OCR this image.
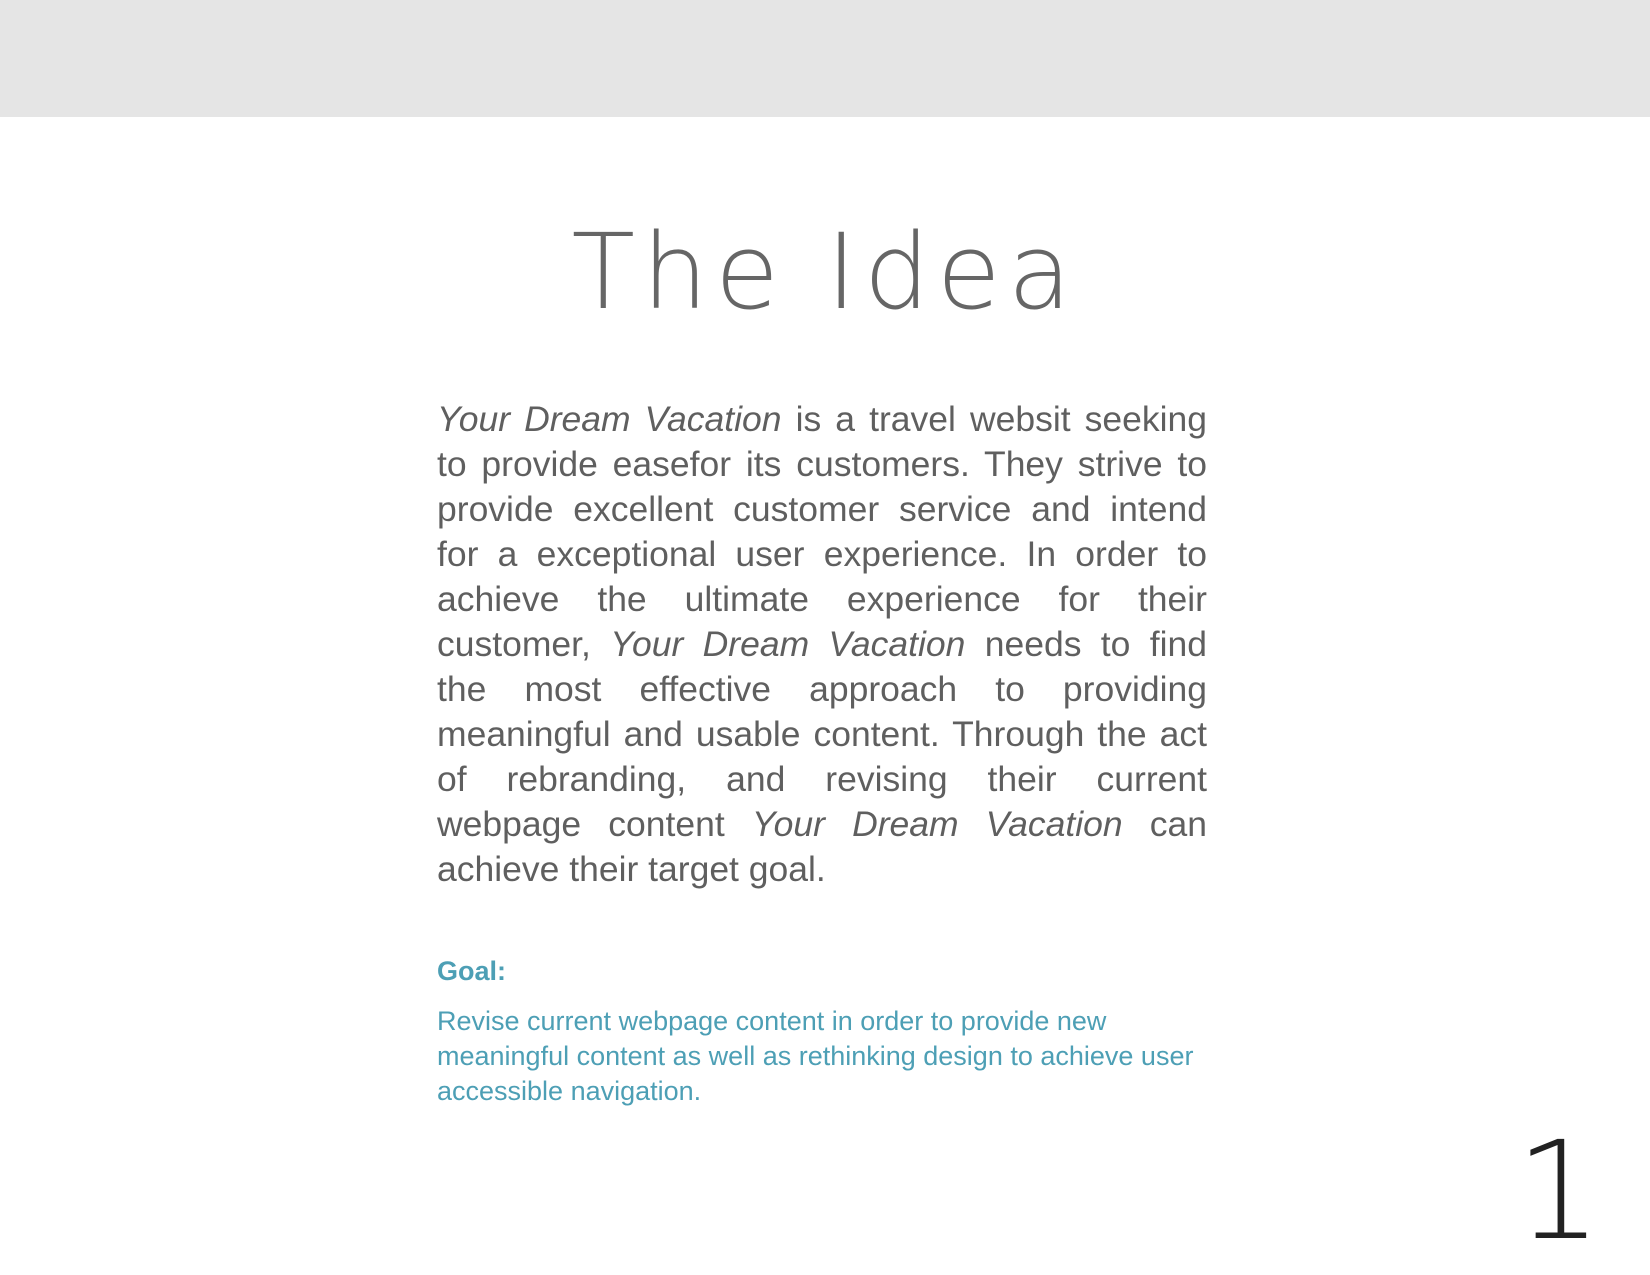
The Idea

Your Dream Vacation is a travel websit seeking to provide easefor its customers. They strive to provide excellent customer service and intend for a exceptional user experience. In order to achieve the ultimate experience for their customer, Your Dream Vacation needs to find the most effective approach to providing meaningful and usable content. Through the act of rebranding, and revising their current webpage content Your Dream Vacation can achieve their target goal.

Goal:

Revise current webpage content in order to provide new meaningful content as well as rethinking design to achieve user accessible navigation.

1
